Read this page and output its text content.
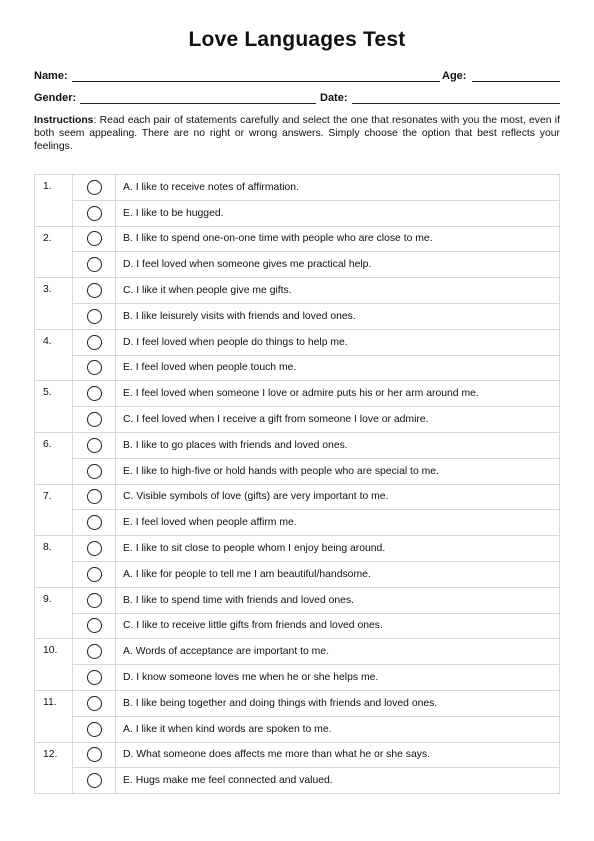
Love Languages Test
Name:	Age:
Gender:	Date:
Instructions: Read each pair of statements carefully and select the one that resonates with you the most, even if both seem appealing. There are no right or wrong answers. Simply choose the option that best reflects your feelings.
1.		A. I like to receive notes of affirmation.
		E. I like to be hugged.
2.		B. I like to spend one-on-one time with people who are close to me.
		D. I feel loved when someone gives me practical help.
3.		C. I like it when people give me gifts.
		B. I like leisurely visits with friends and loved ones.
4.		D. I feel loved when people do things to help me.
		E. I feel loved when people touch me.
5.		E. I feel loved when someone I love or admire puts his or her arm around me.
		C. I feel loved when I receive a gift from someone I love or admire.
6.		B. I like to go places with friends and loved ones.
		E. I like to high-five or hold hands with people who are special to me.
7.		C. Visible symbols of love (gifts) are very important to me.
		E. I feel loved when people affirm me.
8.		E. I like to sit close to people whom I enjoy being around.
		A. I like for people to tell me I am beautiful/handsome.
9.		B. I like to spend time with friends and loved ones.
		C. I like to receive little gifts from friends and loved ones.
10.		A. Words of acceptance are important to me.
		D. I know someone loves me when he or she helps me.
11.		B. I like being together and doing things with friends and loved ones.
		A. I like it when kind words are spoken to me.
12.		D. What someone does affects me more than what he or she says.
		E. Hugs make me feel connected and valued.
